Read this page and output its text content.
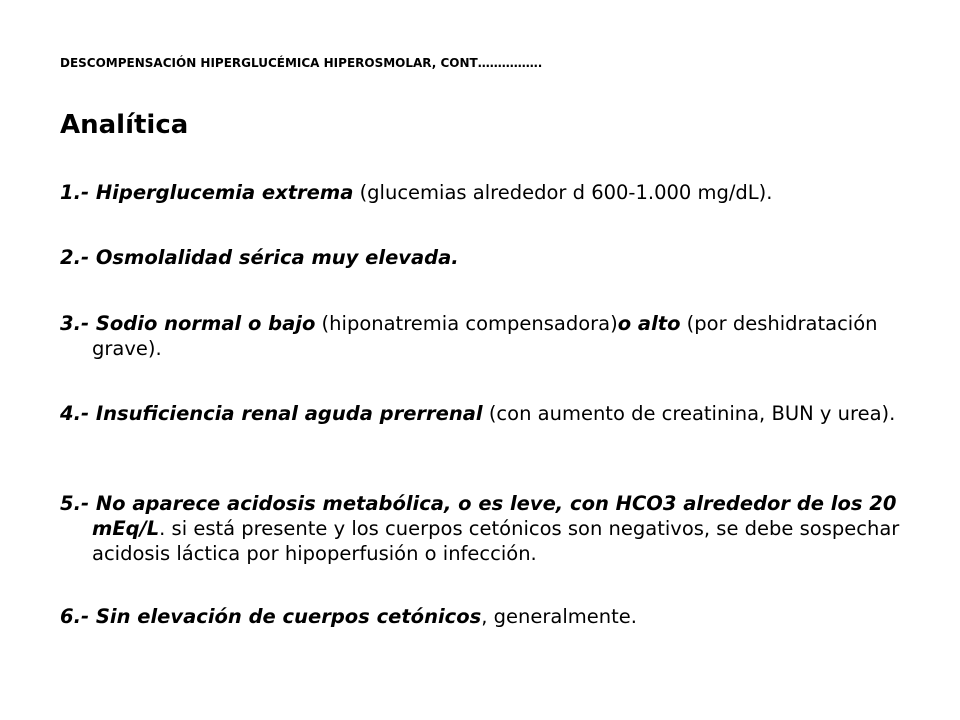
DESCOMPENSACIÓN HIPERGLUCÉMICA HIPEROSMOLAR, CONT…………….
Analítica
1.- Hiperglucemia extrema (glucemias alrededor d 600-1.000 mg/dL).
2.- Osmolalidad sérica muy elevada.
3.- Sodio normal o bajo (hiponatremia compensadora)o alto (por deshidratación grave).
4.- Insuficiencia renal aguda prerrenal (con aumento de creatinina, BUN y urea).
5.- No aparece acidosis metabólica, o es leve, con HCO3 alrededor de los 20 mEq/L. si está presente y los cuerpos cetónicos son negativos, se debe sospechar acidosis láctica por hipoperfusión o infección.
6.- Sin elevación de cuerpos cetónicos, generalmente.
